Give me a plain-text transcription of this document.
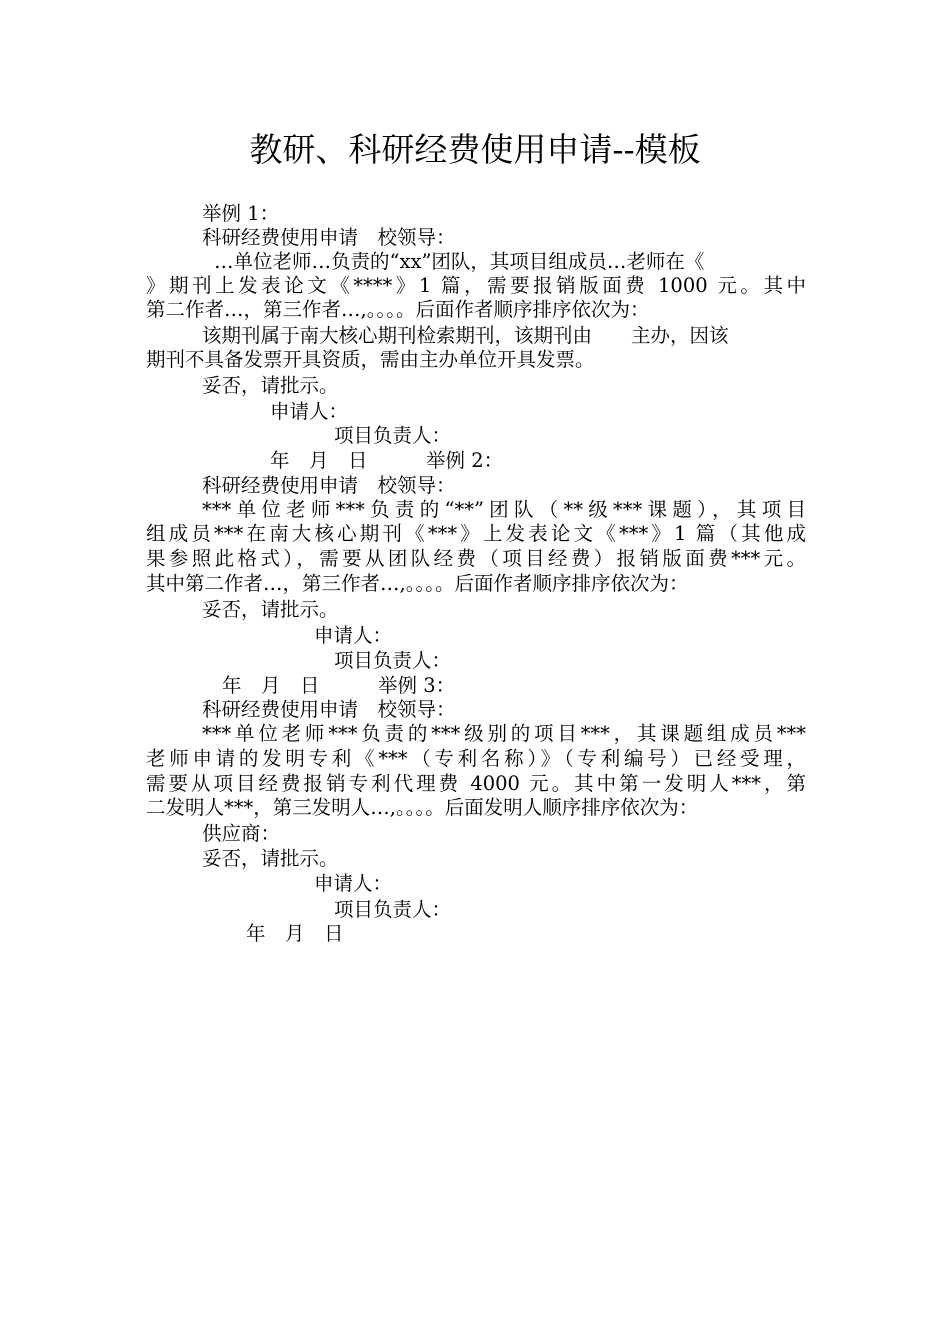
教研、科研经费使用申请--模板
举例 1：
科研经费使用申请　校领导：
…单位老师…负责的“xx”团队，其项目组成员…老师在《
》期刊上发表论文《****》1 篇，需要报销版面费 1000 元。其中
第二作者…，第三作者…,。。。。后面作者顺序排序依次为：
该期刊属于南大核心期刊检索期刊，该期刊由　　主办，因该
期刊不具备发票开具资质，需由主办单位开具发票。
妥否，请批示。
申请人：
项目负责人：
年　月　日　　　举例 2：
科研经费使用申请　校领导：
***单位老师***负责的“**”团队（**级***课题），其项目
组成员***在南大核心期刊《***》上发表论文《***》1 篇（其他成
果参照此格式），需要从团队经费（项目经费）报销版面费***元。
其中第二作者…，第三作者…,。。。。后面作者顺序排序依次为：
妥否，请批示。
申请人：
项目负责人：
年　月　日　　　举例 3：
科研经费使用申请　校领导：
***单位老师***负责的***级别的项目***，其课题组成员***
老师申请的发明专利《***（专利名称）》（专利编号）已经受理，
需要从项目经费报销专利代理费 4000 元。其中第一发明人***，第
二发明人***，第三发明人…,。。。。后面发明人顺序排序依次为：
供应商：
妥否，请批示。
申请人：
项目负责人：
年　月　日
